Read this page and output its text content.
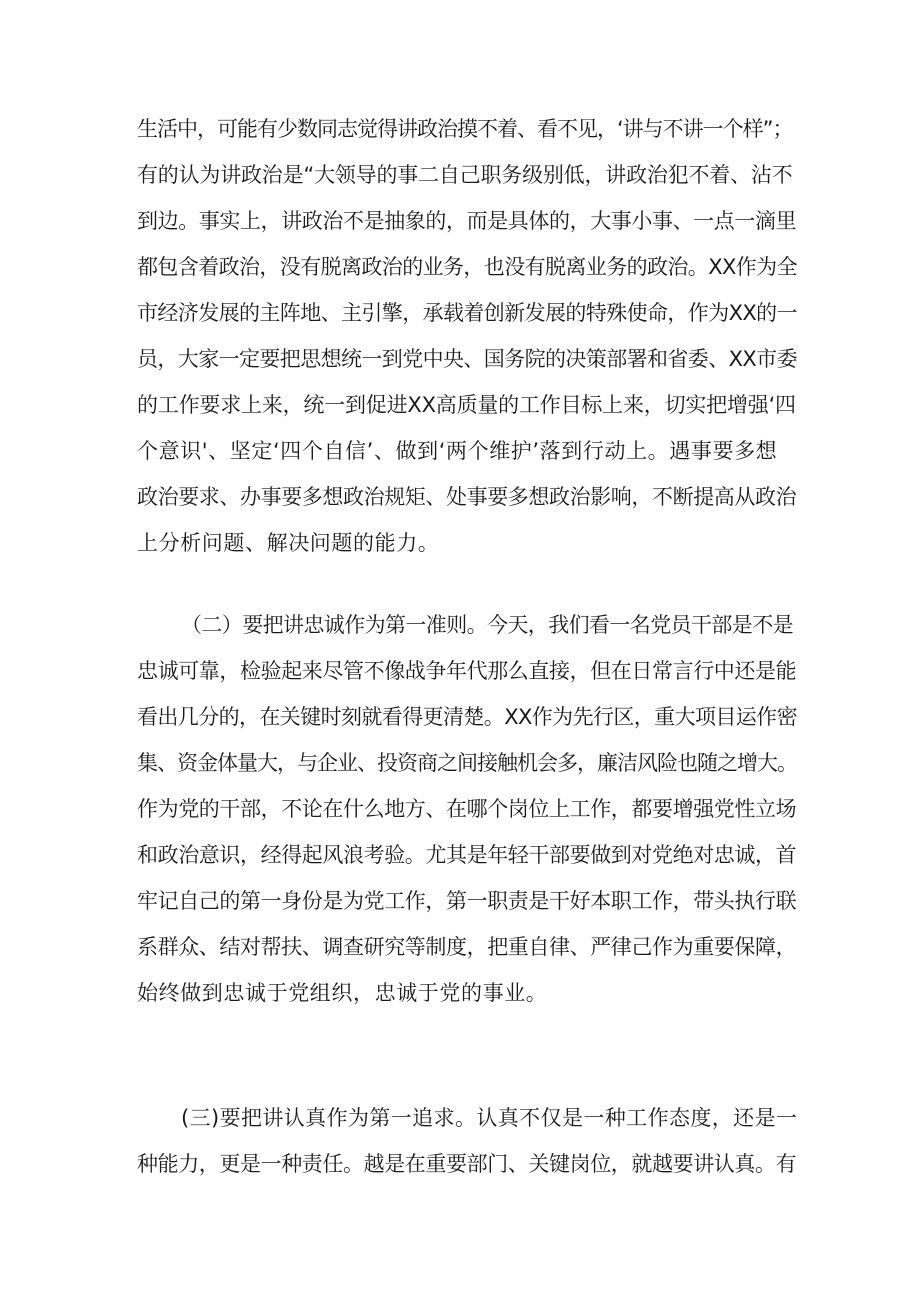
生活中，可能有少数同志觉得讲政治摸不着、看不见，‘讲与不讲一个样”；
有的认为讲政治是“大领导的事二自己职务级别低，讲政治犯不着、沾不
到边。事实上，讲政治不是抽象的，而是具体的，大事小事、一点一滴里
都包含着政治，没有脱离政治的业务，也没有脱离业务的政治。XX作为全
市经济发展的主阵地、主引擎，承载着创新发展的特殊使命，作为XX的一
员，大家一定要把思想统一到党中央、国务院的决策部署和省委、XX市委
的工作要求上来，统一到促进XX高质量的工作目标上来，切实把增强‘四
个意识'、坚定‘四个自信’、做到‘两个维护’落到行动上。遇事要多想
政治要求、办事要多想政治规矩、处事要多想政治影响，不断提高从政治
上分析问题、解决问题的能力。
（二）要把讲忠诚作为第一准则。今天，我们看一名党员干部是不是
忠诚可靠，检验起来尽管不像战争年代那么直接，但在日常言行中还是能
看出几分的，在关键时刻就看得更清楚。XX作为先行区，重大项目运作密
集、资金体量大，与企业、投资商之间接触机会多，廉洁风险也随之增大。
作为党的干部，不论在什么地方、在哪个岗位上工作，都要增强党性立场
和政治意识，经得起风浪考验。尤其是年轻干部要做到对党绝对忠诚，首
牢记自己的第一身份是为党工作，第一职责是干好本职工作，带头执行联
系群众、结对帮扶、调查研究等制度，把重自律、严律己作为重要保障，
始终做到忠诚于党组织，忠诚于党的事业。
(三)要把讲认真作为第一追求。认真不仅是一种工作态度，还是一
种能力，更是一种责任。越是在重要部门、关键岗位，就越要讲认真。有
